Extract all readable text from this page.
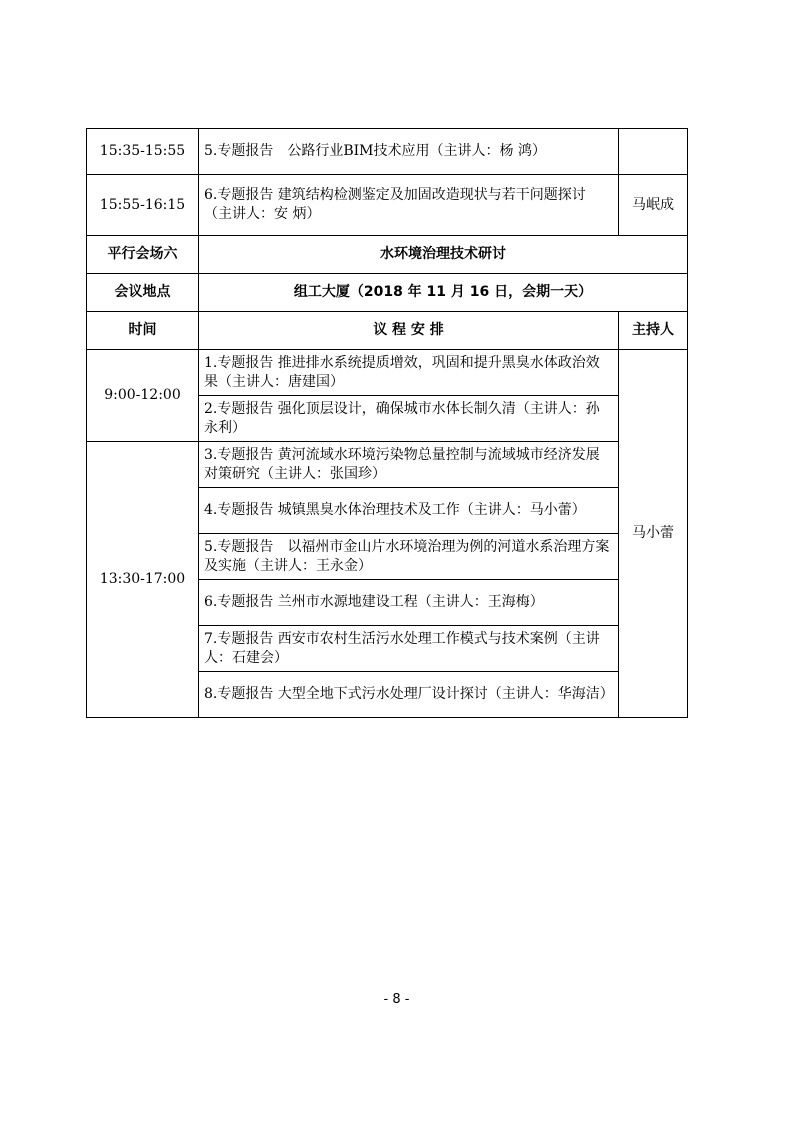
15:35-15:55	5.专题报告　公路行业BIM技术应用（主讲人：杨 鸿）	
15:55-16:15	6.专题报告 建筑结构检测鉴定及加固改造现状与若干问题探讨（主讲人：安 炳）	马岷成
平行会场六	水环境治理技术研讨	
会议地点	组工大厦（2018 年 11 月 16 日，会期一天）	
时间	议 程 安 排	主持人
9:00-12:00	1.专题报告 推进排水系统提质增效，巩固和提升黑臭水体政治效果（主讲人：唐建国）	马小蕾
	2.专题报告 强化顶层设计，确保城市水体长制久清（主讲人：孙永利）	
13:30-17:00	3.专题报告 黄河流域水环境污染物总量控制与流域城市经济发展对策研究（主讲人：张国珍）	
	4.专题报告 城镇黑臭水体治理技术及工作（主讲人：马小蕾）	
	5.专题报告　以福州市金山片水环境治理为例的河道水系治理方案及实施（主讲人：王永金）	
	6.专题报告 兰州市水源地建设工程（主讲人：王海梅）	
	7.专题报告 西安市农村生活污水处理工作模式与技术案例（主讲人：石建会）	
	8.专题报告 大型全地下式污水处理厂设计探讨（主讲人：华海洁）	
- 8 -
